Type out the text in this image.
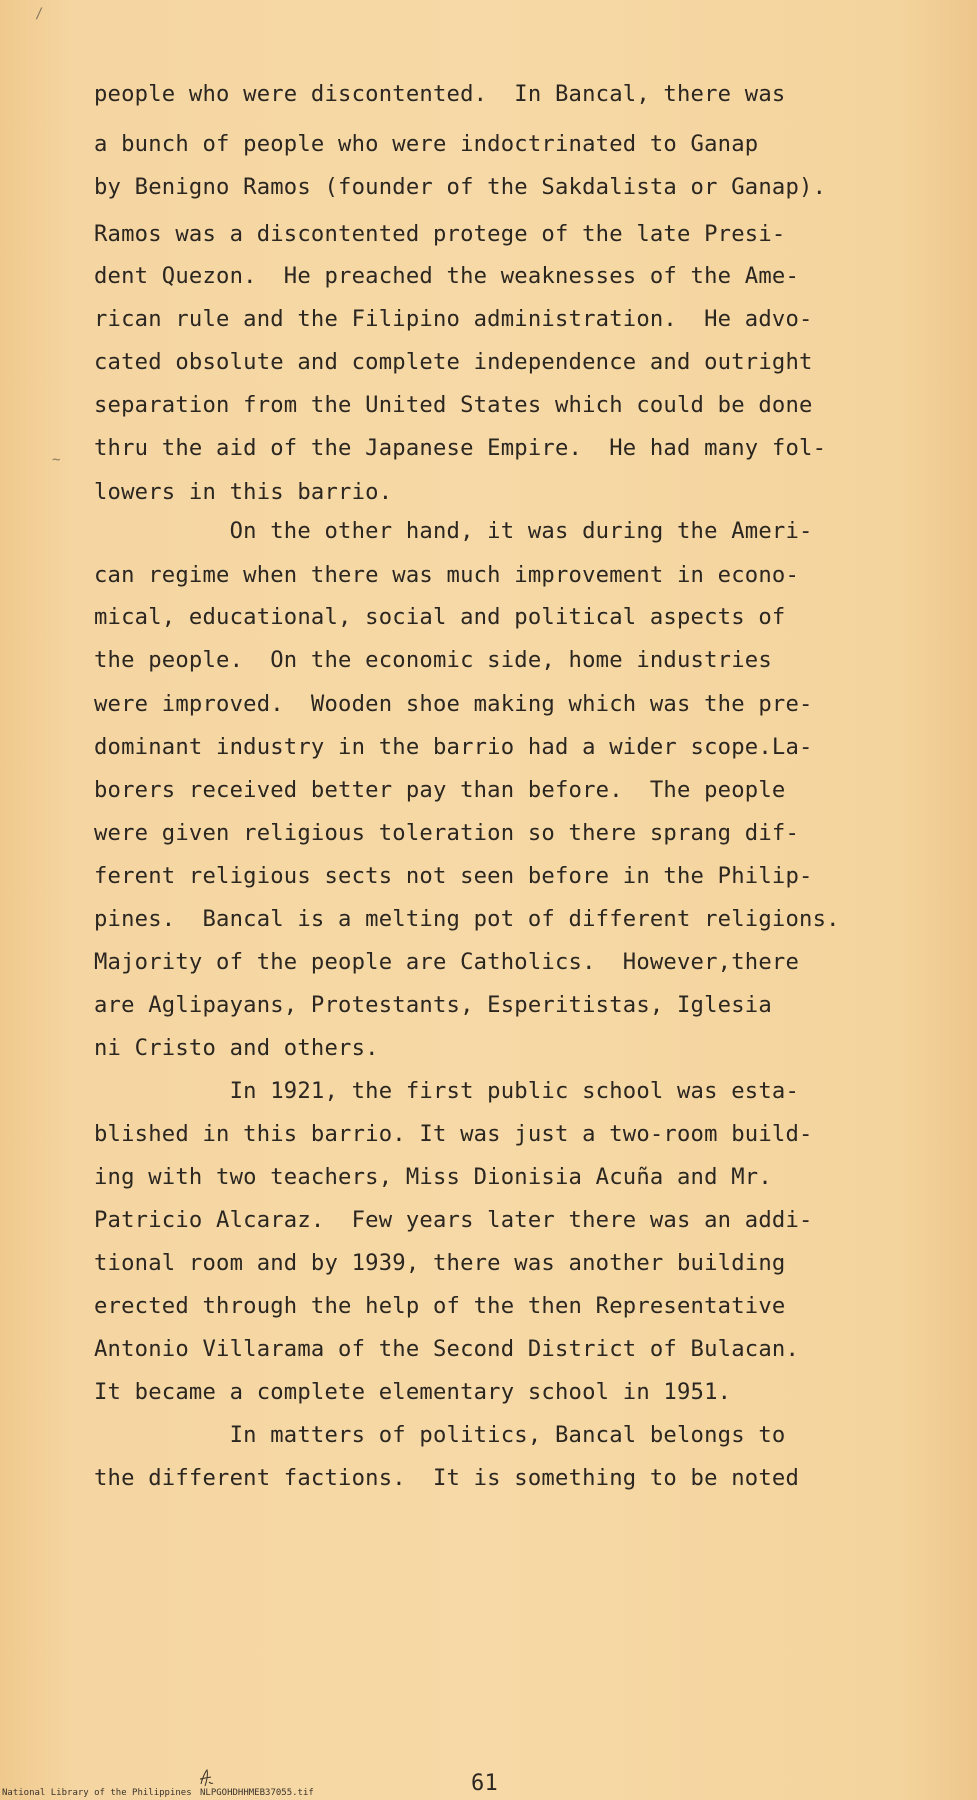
/
~
people who were discontented.  In Bancal, there was
a bunch of people who were indoctrinated to Ganap
by Benigno Ramos (founder of the Sakdalista or Ganap).
Ramos was a discontented protege of the late Presi-
dent Quezon.  He preached the weaknesses of the Ame-
rican rule and the Filipino administration.  He advo-
cated obsolute and complete independence and outright
separation from the United States which could be done
thru the aid of the Japanese Empire.  He had many fol-
lowers in this barrio.
On the other hand, it was during the Ameri-
can regime when there was much improvement in econo-
mical, educational, social and political aspects of
the people.  On the economic side, home industries
were improved.  Wooden shoe making which was the pre-
dominant industry in the barrio had a wider scope.La-
borers received better pay than before.  The people
were given religious toleration so there sprang dif-
ferent religious sects not seen before in the Philip-
pines.  Bancal is a melting pot of different religions.
Majority of the people are Catholics.  However,there
are Aglipayans, Protestants, Esperitistas, Iglesia
ni Cristo and others.
In 1921, the first public school was esta-
blished in this barrio. It was just a two-room build-
ing with two teachers, Miss Dionisia Acuña and Mr.
Patricio Alcaraz.  Few years later there was an addi-
tional room and by 1939, there was another building
erected through the help of the then Representative
Antonio Villarama of the Second District of Bulacan.
It became a complete elementary school in 1951.
In matters of politics, Bancal belongs to
the different factions.  It is something to be noted
61
National Library of the Philippines NLPGOHDHHMEB37055.tif
